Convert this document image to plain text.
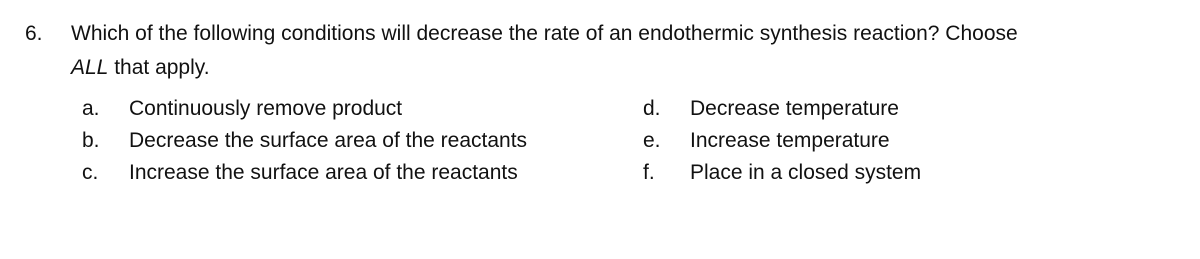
6. Which of the following conditions will decrease the rate of an endothermic synthesis reaction? Choose
ALL that apply.
a. Continuously remove product
b. Decrease the surface area of the reactants
c. Increase the surface area of the reactants
d. Decrease temperature
e. Increase temperature
f. Place in a closed system
